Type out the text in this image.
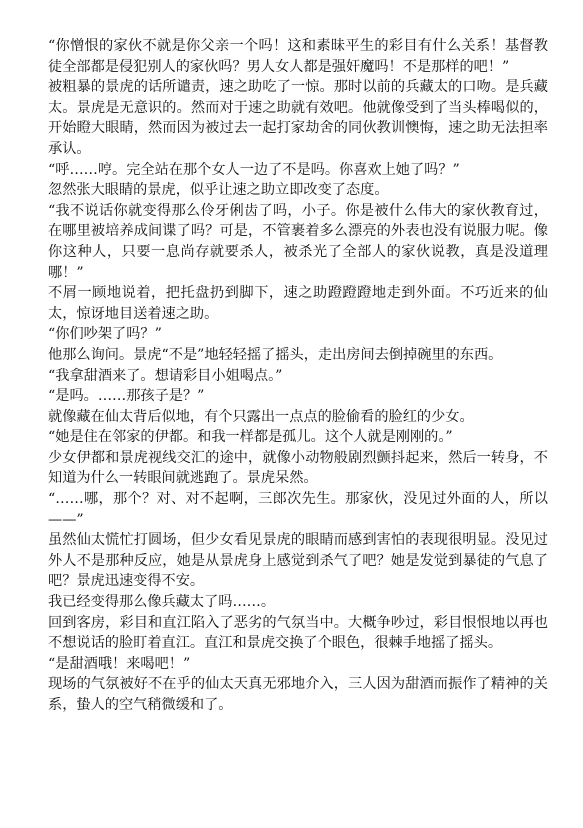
“你憎恨的家伙不就是你父亲一个吗！这和素昧平生的彩目有什么关系！基督教徒全部都是侵犯别人的家伙吗？男人女人都是强奸魔吗！不是那样的吧！”

被粗暴的景虎的话所谴责，速之助吃了一惊。那时以前的兵藏太的口吻。是兵藏太。景虎是无意识的。然而对于速之助就有效吧。他就像受到了当头棒喝似的，开始瞪大眼睛，然而因为被过去一起打家劫舍的同伙教训懊悔，速之助无法担率承认。

“呼……哼。完全站在那个女人一边了不是吗。你喜欢上她了吗？”

忽然张大眼睛的景虎，似乎让速之助立即改变了态度。

“我不说话你就变得那么伶牙俐齿了吗，小子。你是被什么伟大的家伙教育过，在哪里被培养成间谍了吗？可是，不管裹着多么漂亮的外表也没有说服力呢。像你这种人，只要一息尚存就要杀人，被杀光了全部人的家伙说教，真是没道理哪！”

不屑一顾地说着，把托盘扔到脚下，速之助蹬蹬蹬地走到外面。不巧近来的仙太，惊讶地目送着速之助。

“你们吵架了吗？”

他那么询问。景虎“不是”地轻轻摇了摇头，走出房间去倒掉碗里的东西。

“我拿甜酒来了。想请彩目小姐喝点。”

“是吗。……那孩子是？”

就像藏在仙太背后似地，有个只露出一点点的脸偷看的脸红的少女。

“她是住在邻家的伊都。和我一样都是孤儿。这个人就是刚刚的。”

少女伊都和景虎视线交汇的途中，就像小动物般剧烈颤抖起来，然后一转身，不知道为什么一转眼间就逃跑了。景虎呆然。

“……哪，那个？对、对不起啊，三郎次先生。那家伙，没见过外面的人，所以——”

虽然仙太慌忙打圆场，但少女看见景虎的眼睛而感到害怕的表现很明显。没见过外人不是那种反应，她是从景虎身上感觉到杀气了吧？她是发觉到暴徒的气息了吧？景虎迅速变得不安。

我已经变得那么像兵藏太了吗……。

回到客房，彩目和直江陷入了恶劣的气氛当中。大概争吵过，彩目恨恨地以再也不想说话的脸盯着直江。直江和景虎交换了个眼色，很棘手地摇了摇头。

“是甜酒哦！来喝吧！”

现场的气氛被好不在乎的仙太天真无邪地介入，三人因为甜酒而振作了精神的关系，蛰人的空气稍微缓和了。
